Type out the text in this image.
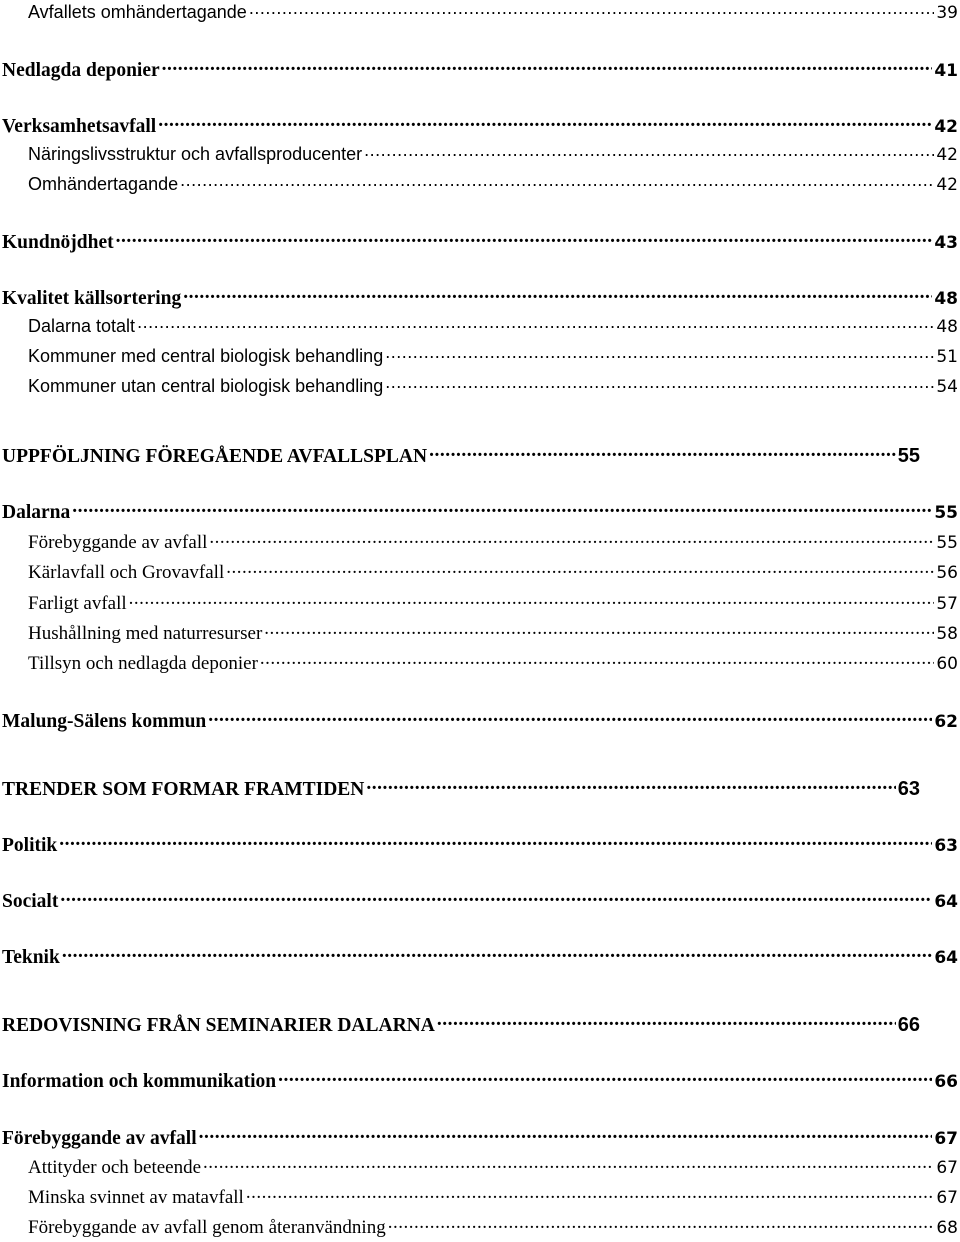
Avfallets omhändertagande .....	39
Nedlagda deponier .....	41
Verksamhetsavfall .....	42
Näringslivsstruktur och avfallsproducenter .....	42
Omhändertagande .....	42
Kundnöjdhet .....	43
Kvalitet källsortering .....	48
Dalarna totalt .....	48
Kommuner med central biologisk behandling .....	51
Kommuner utan central biologisk behandling .....	54
UPPFÖLJNING FÖREGÅENDE AVFALLSPLAN .....	55
Dalarna .....	55
Förebyggande av avfall .....	55
Kärlavfall och Grovavfall .....	56
Farligt avfall .....	57
Hushållning med naturresurser .....	58
Tillsyn och nedlagda deponier .....	60
Malung-Sälens kommun .....	62
TRENDER SOM FORMAR FRAMTIDEN .....	63
Politik .....	63
Socialt .....	64
Teknik .....	64
REDOVISNING FRÅN SEMINARIER DALARNA .....	66
Information och kommunikation .....	66
Förebyggande av avfall .....	67
Attityder och beteende .....	67
Minska svinnet av matavfall .....	67
Förebyggande av avfall genom återanvändning .....	68
